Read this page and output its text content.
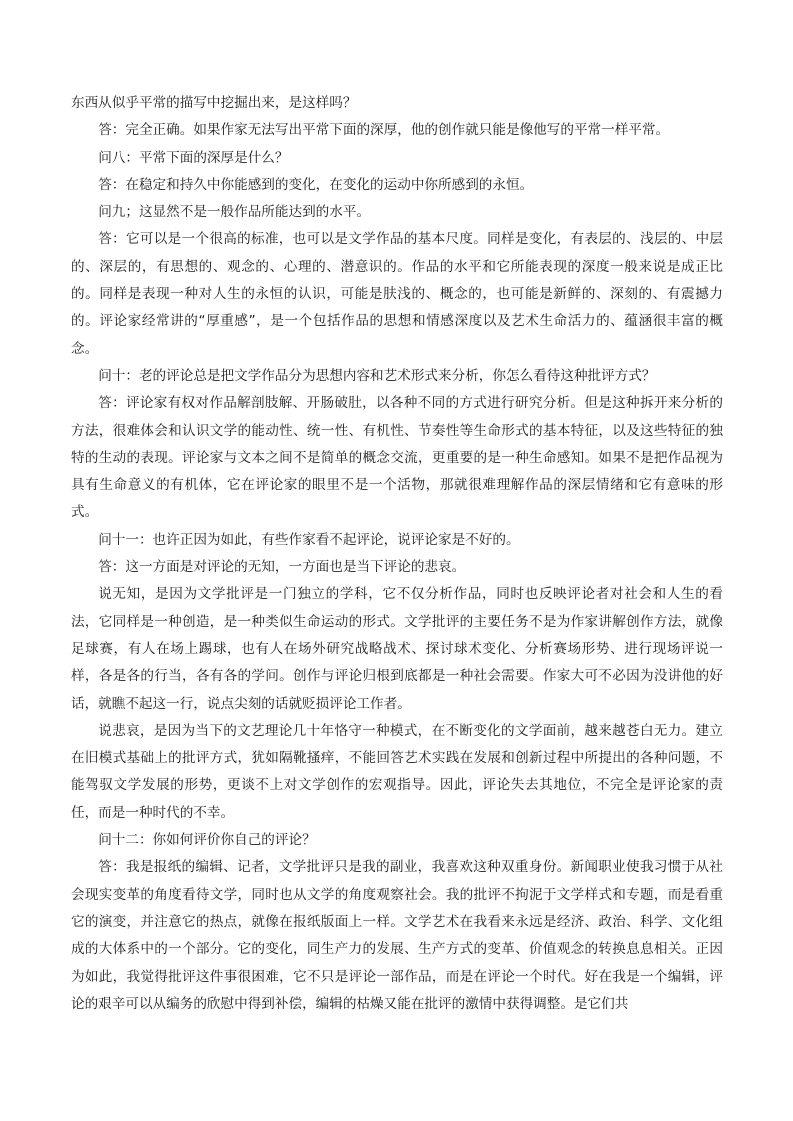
东西从似乎平常的描写中挖掘出来，是这样吗？

答：完全正确。如果作家无法写出平常下面的深厚，他的创作就只能是像他写的平常一样平常。

问八：平常下面的深厚是什么？

答：在稳定和持久中你能感到的变化，在变化的运动中你所感到的永恒。

问九；这显然不是一般作品所能达到的水平。

答：它可以是一个很高的标准，也可以是文学作品的基本尺度。同样是变化，有表层的、浅层的、中层的、深层的，有思想的、观念的、心理的、潜意识的。作品的水平和它所能表现的深度一般来说是成正比的。同样是表现一种对人生的永恒的认识，可能是肤浅的、概念的，也可能是新鲜的、深刻的、有震撼力的。评论家经常讲的“厚重感”，是一个包括作品的思想和情感深度以及艺术生命活力的、蕴涵很丰富的概念。

问十：老的评论总是把文学作品分为思想内容和艺术形式来分析，你怎么看待这种批评方式？

答：评论家有权对作品解剖肢解、开肠破肚，以各种不同的方式进行研究分析。但是这种拆开来分析的方法，很难体会和认识文学的能动性、统一性、有机性、节奏性等生命形式的基本特征，以及这些特征的独特的生动的表现。评论家与文本之间不是简单的概念交流，更重要的是一种生命感知。如果不是把作品视为具有生命意义的有机体，它在评论家的眼里不是一个活物，那就很难理解作品的深层情绪和它有意味的形式。

问十一：也许正因为如此，有些作家看不起评论，说评论家是不好的。

答：这一方面是对评论的无知，一方面也是当下评论的悲哀。

说无知，是因为文学批评是一门独立的学科，它不仅分析作品，同时也反映评论者对社会和人生的看法，它同样是一种创造，是一种类似生命运动的形式。文学批评的主要任务不是为作家讲解创作方法，就像足球赛，有人在场上踢球，也有人在场外研究战略战术、探讨球术变化、分析赛场形势、进行现场评说一样，各是各的行当，各有各的学问。创作与评论归根到底都是一种社会需要。作家大可不必因为没讲他的好话，就瞧不起这一行，说点尖刻的话就贬损评论工作者。

说悲哀，是因为当下的文艺理论几十年恪守一种模式，在不断变化的文学面前，越来越苍白无力。建立在旧模式基础上的批评方式，犹如隔靴搔痒，不能回答艺术实践在发展和创新过程中所提出的各种问题，不能驾驭文学发展的形势，更谈不上对文学创作的宏观指导。因此，评论失去其地位，不完全是评论家的责任，而是一种时代的不幸。

问十二：你如何评价你自己的评论？

答：我是报纸的编辑、记者，文学批评只是我的副业，我喜欢这种双重身份。新闻职业使我习惯于从社会现实变革的角度看待文学，同时也从文学的角度观察社会。我的批评不拘泥于文学样式和专题，而是看重它的演变，并注意它的热点，就像在报纸版面上一样。文学艺术在我看来永远是经济、政治、科学、文化组成的大体系中的一个部分。它的变化，同生产力的发展、生产方式的变革、价值观念的转换息息相关。正因为如此，我觉得批评这件事很困难，它不只是评论一部作品，而是在评论一个时代。好在我是一个编辑，评论的艰辛可以从编务的欣慰中得到补偿，编辑的枯燥又能在批评的激情中获得调整。是它们共
